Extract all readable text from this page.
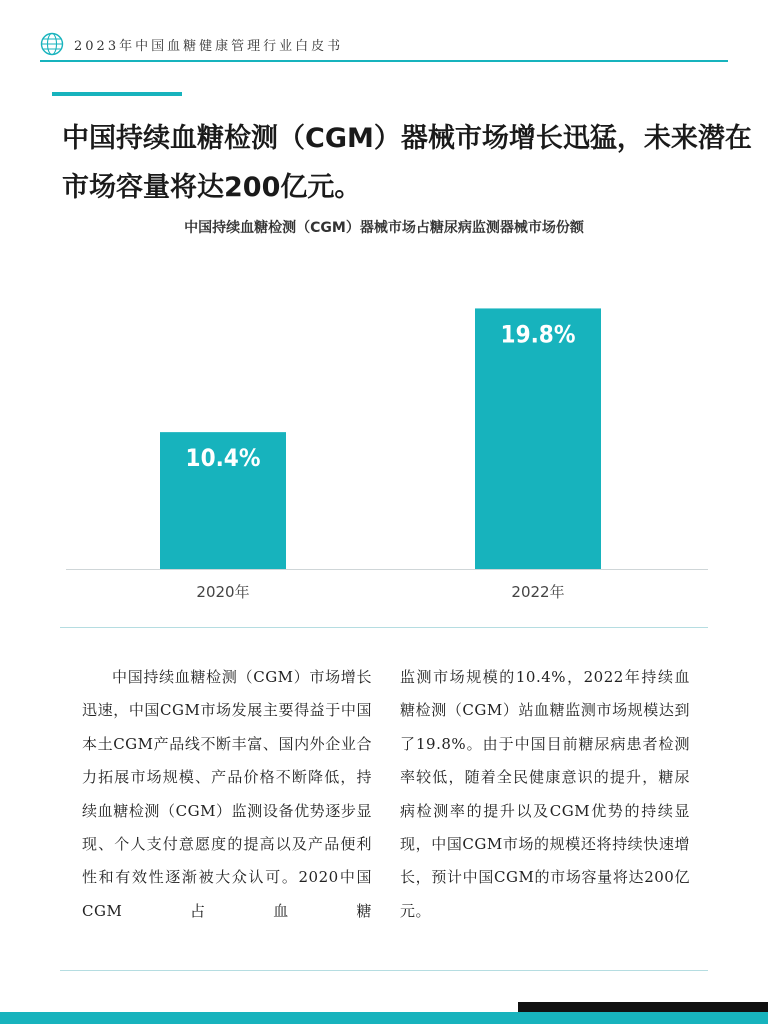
2023年中国血糖健康管理行业白皮书
中国持续血糖检测（CGM）器械市场增长迅猛，未来潜在市场容量将达200亿元。
中国持续血糖检测（CGM）器械市场占糖尿病监测器械市场份额
10.4%
2020年
19.8%
2022年

中国持续血糖检测（CGM）市场增长迅速，中国CGM市场发展主要得益于中国本土CGM产品线不断丰富、国内外企业合力拓展市场规模、产品价格不断降低，持续血糖检测（CGM）监测设备优势逐步显现、个人支付意愿度的提高以及产品便利性和有效性逐渐被大众认可。2020中国CGM占血糖

监测市场规模的10.4%，2022年持续血糖检测（CGM）站血糖监测市场规模达到了19.8%。由于中国目前糖尿病患者检测率较低，随着全民健康意识的提升，糖尿病检测率的提升以及CGM优势的持续显现，中国CGM市场的规模还将持续快速增长，预计中国CGM的市场容量将达200亿元。
